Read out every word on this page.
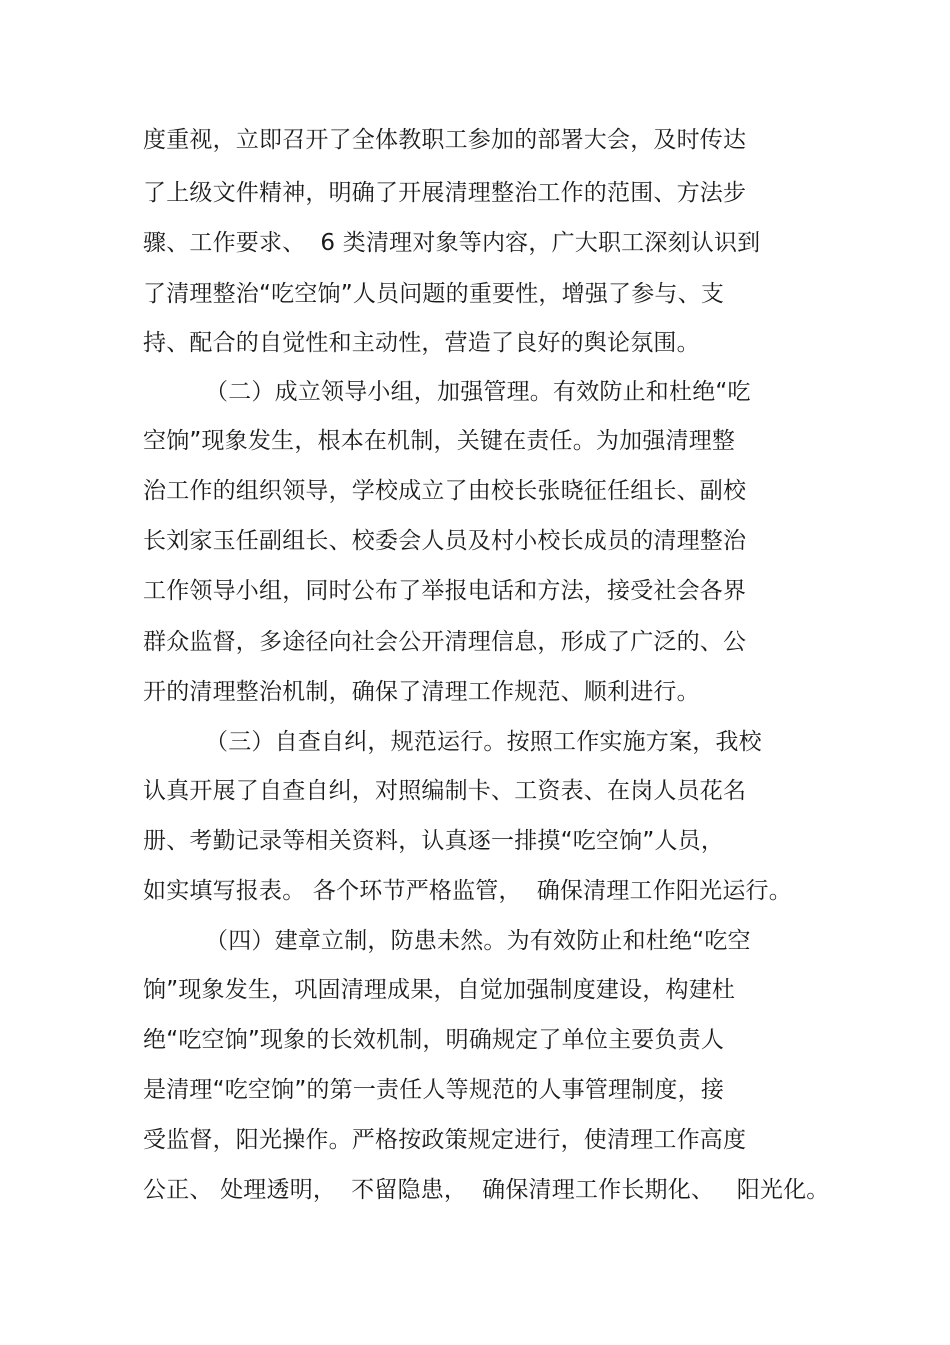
度重视，立即召开了全体教职工参加的部署大会，及时传达
了上级文件精神，明确了开展清理整治工作的范围、方法步
骤、工作要求、  6 类清理对象等内容，广大职工深刻认识到
了清理整治“吃空饷”人员问题的重要性，增强了参与、支
持、配合的自觉性和主动性，营造了良好的舆论氛围。
（二）成立领导小组，加强管理。有效防止和杜绝“吃
空饷”现象发生，根本在机制，关键在责任。为加强清理整
治工作的组织领导，学校成立了由校长张晓征任组长、副校
长刘家玉任副组长、校委会人员及村小校长成员的清理整治
工作领导小组，同时公布了举报电话和方法，接受社会各界
群众监督，多途径向社会公开清理信息，形成了广泛的、公
开的清理整治机制，确保了清理工作规范、顺利进行。
（三）自查自纠，规范运行。按照工作实施方案，我校
认真开展了自查自纠，对照编制卡、工资表、在岗人员花名
册、考勤记录等相关资料，认真逐一排摸“吃空饷”人员，
如实填写报表。 各个环节严格监管，  确保清理工作阳光运行。
（四）建章立制，防患未然。为有效防止和杜绝“吃空
饷”现象发生，巩固清理成果，自觉加强制度建设，构建杜
绝“吃空饷”现象的长效机制，明确规定了单位主要负责人
是清理“吃空饷”的第一责任人等规范的人事管理制度，接
受监督，阳光操作。严格按政策规定进行，使清理工作高度
公正、 处理透明，  不留隐患，  确保清理工作长期化、   阳光化。
